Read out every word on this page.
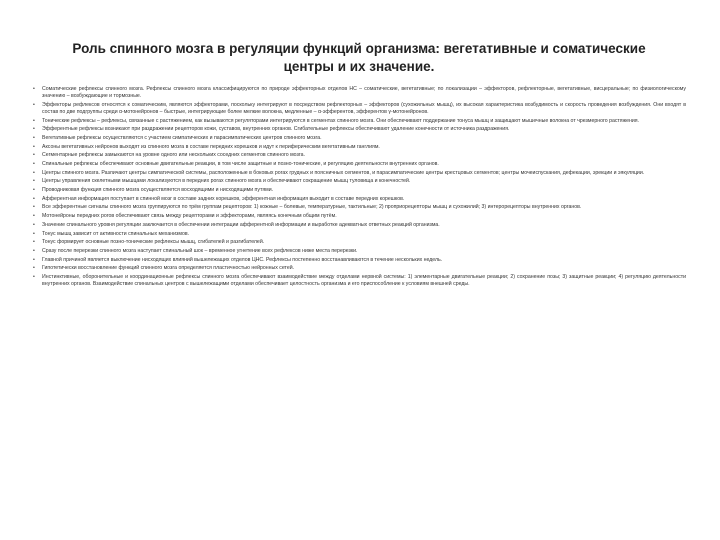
Роль спинного мозга в регуляции функций организма: вегетативные и соматические центры и их значение.
• Соматические рефлексы спинного мозга. Рефлексы спинного мозга классифицируются по природе эффекторных отделов НС – соматические, вегетативные; по локализации – эффекторов, рефлекторные, вегетативные, висцеральные; по физиологическому значению – возбуждающие и тормозные.
• Эффекторы рефлексов относятся к соматическим, являются эффекторами, поскольку интегрируют в посредством рефлекторных – эффекторов (сухожильных мышц), их высокая характеристика возбудимость и скорость проведения возбуждения. Они входят в состав по две подгруппы среди α-мотонейронов – быстрые, интегрирующие более мелкие волокна, медленные – α-эфферентов, эфферентов γ-мотонейронов.
• Тонические рефлексы – рефлексы, связанные с растяжением, как вызываются регуляторами интегрируются в сегментах спинного мозга. Они обеспечивают поддержание тонуса мышц и защищают мышечные волокна от чрезмерного растяжения.
• Эфферентные рефлексы возникают при раздражении рецепторов кожи, суставов, внутренних органов. Сгибательные рефлексы обеспечивают удаление конечности от источника раздражения.
• Вегетативные рефлексы осуществляются с участием симпатических и парасимпатических центров спинного мозга.
• Аксоны вегетативных нейронов выходят из спинного мозга в составе передних корешков и идут к периферическим вегетативным ганглиям.
• Сегментарные рефлексы замыкаются на уровне одного или нескольких соседних сегментов спинного мозга.
• Спинальные рефлексы обеспечивают основные двигательные реакции, в том числе защитные и позно-тонические, и регуляцию деятельности внутренних органов.
• Центры спинного мозга. Различают центры симпатической системы, расположенные в боковых рогах грудных и поясничных сегментов, и парасимпатические центры крестцовых сегментов; центры мочеиспускания, дефекации, эрекции и эякуляции.
• Центры управления скелетными мышцами локализуются в передних рогах спинного мозга и обеспечивают сокращение мышц туловища и конечностей.
• Проводниковая функция спинного мозга осуществляется восходящими и нисходящими путями.
• Афферентная информация поступает в спинной мозг в составе задних корешков, эфферентная информация выходит в составе передних корешков.
• Все эфферентные сигналы спинного мозга группируются по трём группам рецепторов: 1) кожные – болевые, температурные, тактильные; 2) проприорецепторы мышц и сухожилий; 3) интерорецепторы внутренних органов.
• Мотонейроны передних рогов обеспечивают связь между рецепторами и эффекторами, являясь конечным общим путём.
• Значение спинального уровня регуляции заключается в обеспечении интеграции афферентной информации и выработке адекватных ответных реакций организма.
• Тонус мышц зависит от активности спинальных механизмов.
• Тонус формирует основные позно-тонические рефлексы мышц, сгибателей и разгибателей.
• Сразу после перерезки спинного мозга наступает спинальный шок – временное угнетение всех рефлексов ниже места перерезки.
• Главной причиной является выключение нисходящих влияний вышележащих отделов ЦНС. Рефлексы постепенно восстанавливаются в течение нескольких недель.
• Гипотетически восстановление функций спинного мозга определяется пластичностью нейронных сетей.
• Инстинктивные, оборонительные и координационные рефлексы спинного мозга обеспечивают взаимодействие между отделами нервной системы: 1) элементарные двигательные реакции; 2) сохранение позы; 3) защитные реакции; 4) регуляцию деятельности внутренних органов. Взаимодействие спинальных центров с вышележащими отделами обеспечивает целостность организма и его приспособление к условиям внешней среды.
